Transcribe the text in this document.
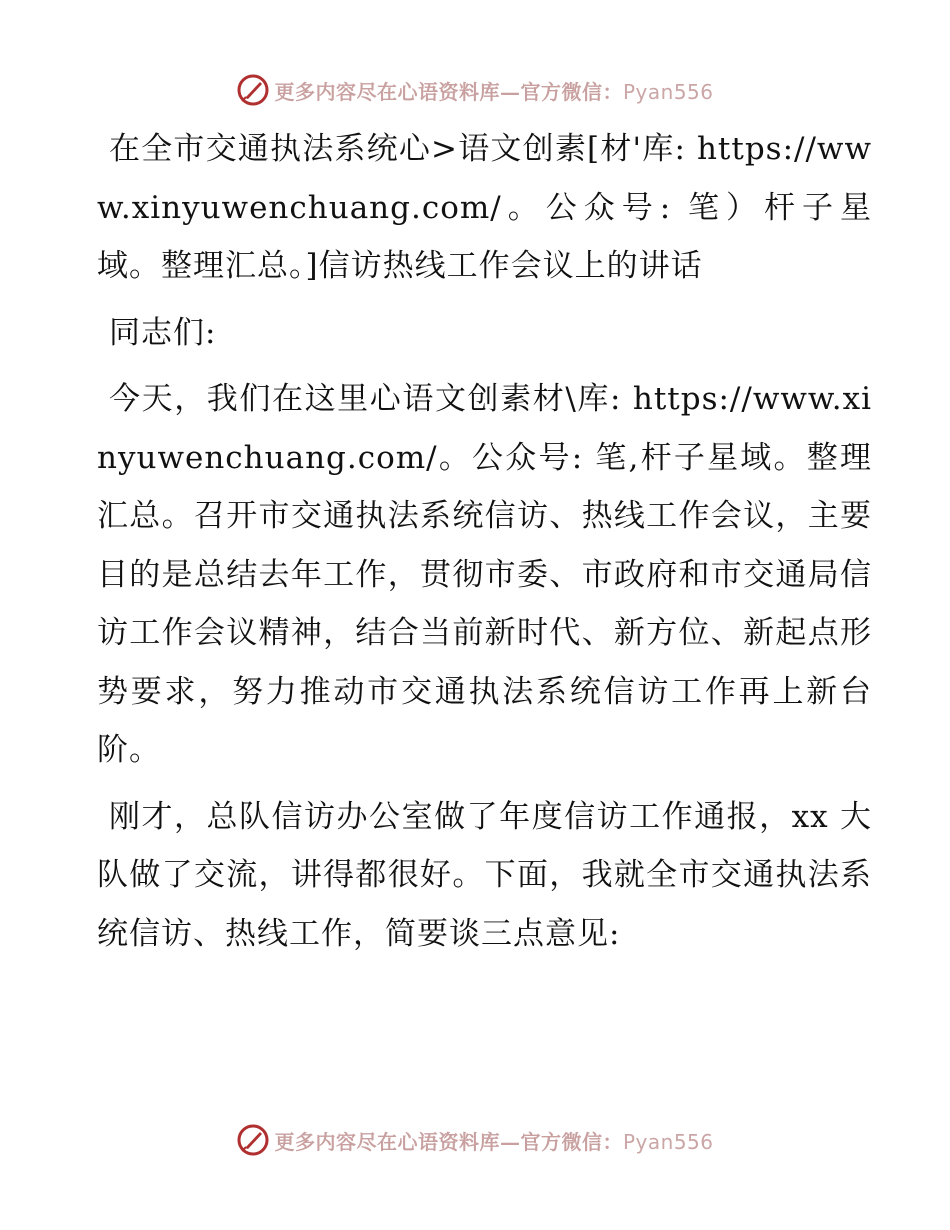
更多内容尽在心语资料库—官方微信：Pyan556

在全市交通执法系统心>语文创素[材'库: https://www.xinyuwenchuang.com/。公众号: 笔）杆子星域。整理汇总。]信访热线工作会议上的讲话

同志们:

今天，我们在这里心语文创素材\库: https://www.xinyuwenchuang.com/。公众号: 笔,杆子星域。整理汇总。召开市交通执法系统信访、热线工作会议，主要目的是总结去年工作，贯彻市委、市政府和市交通局信访工作会议精神，结合当前新时代、新方位、新起点形势要求，努力推动市交通执法系统信访工作再上新台阶。

刚才，总队信访办公室做了年度信访工作通报，xx 大队做了交流，讲得都很好。下面，我就全市交通执法系统信访、热线工作，简要谈三点意见:

更多内容尽在心语资料库—官方微信：Pyan556
